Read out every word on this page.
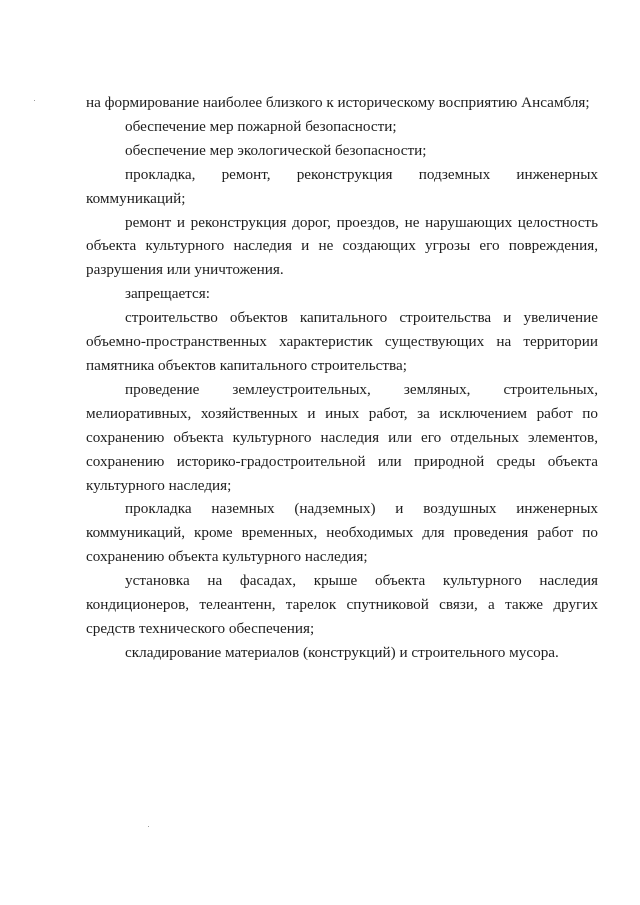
на формирование наиболее близкого к историческому восприятию Ансамбля;

обеспечение мер пожарной безопасности;

обеспечение мер экологической безопасности;

прокладка, ремонт, реконструкция подземных инженерных коммуникаций;

ремонт и реконструкция дорог, проездов, не нарушающих целостность объекта культурного наследия и не создающих угрозы его повреждения, разрушения или уничтожения.

запрещается:

строительство объектов капитального строительства и увеличение объемно-пространственных характеристик существующих на территории памятника объектов капитального строительства;

проведение землеустроительных, земляных, строительных, мелиоративных, хозяйственных и иных работ, за исключением работ по сохранению объекта культурного наследия или его отдельных элементов, сохранению историко-градостроительной или природной среды объекта культурного наследия;

прокладка наземных (надземных) и воздушных инженерных коммуникаций, кроме временных, необходимых для проведения работ по сохранению объекта культурного наследия;

установка на фасадах, крыше объекта культурного наследия кондиционеров, телеантенн, тарелок спутниковой связи, а также других средств технического обеспечения;

складирование материалов (конструкций) и строительного мусора.
